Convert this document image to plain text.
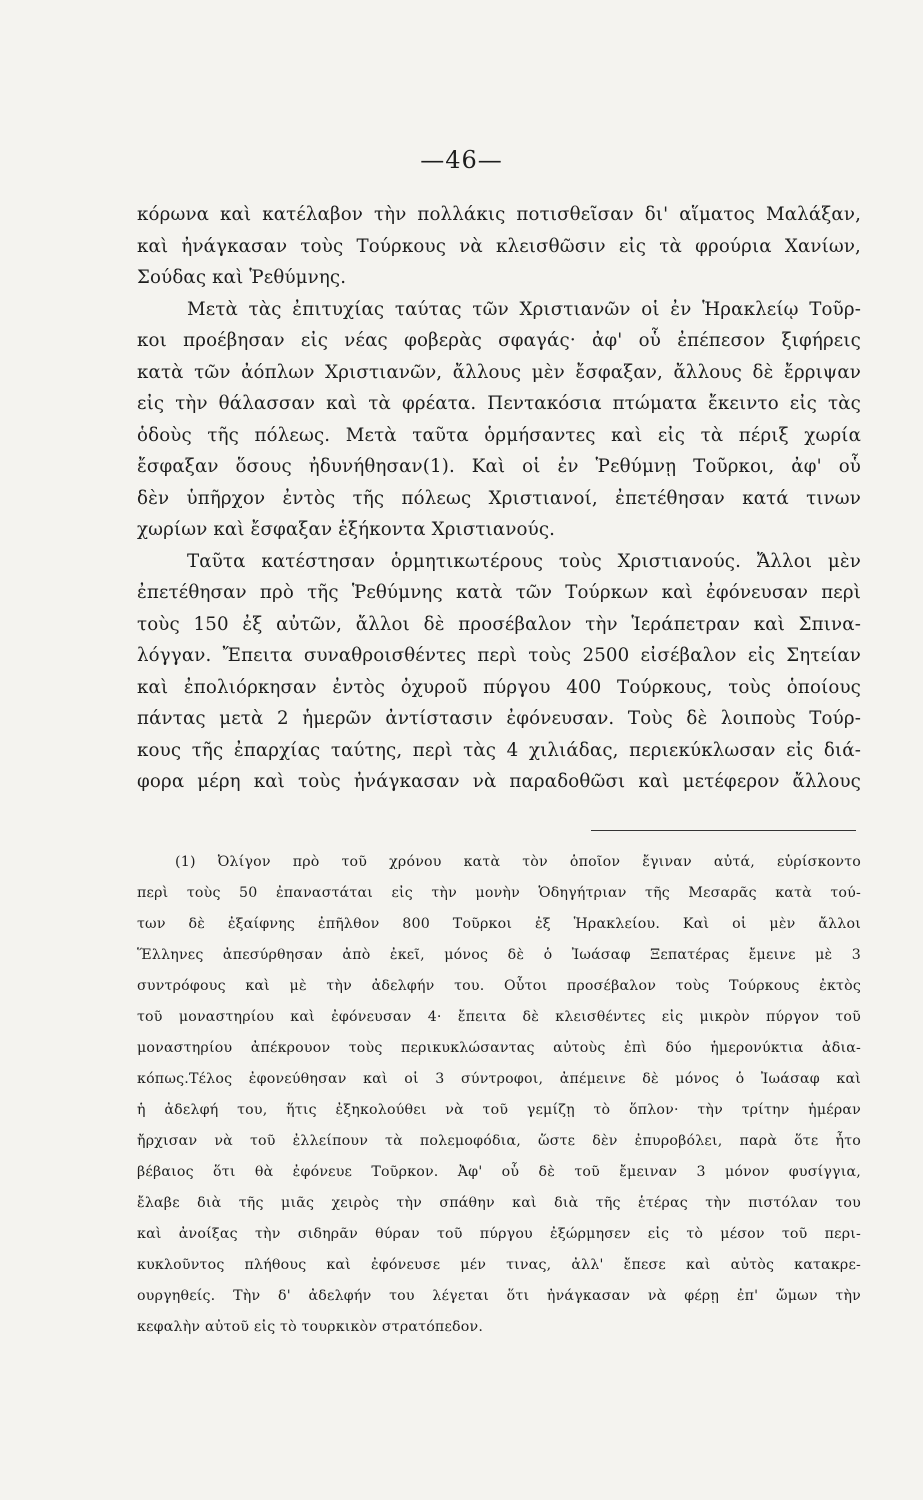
—46—
κόρωνα καὶ κατέλαβον τὴν πολλάκις ποτισθεῖσαν δι' αἵματος Μαλάξαν,
καὶ ἠνάγκασαν τοὺς Τούρκους νὰ κλεισθῶσιν εἰς τὰ φρούρια Χανίων,
Σούδας καὶ Ῥεθύμνης.
Μετὰ τὰς ἐπιτυχίας ταύτας τῶν Χριστιανῶν οἱ ἐν Ἡρακλείῳ Τοῦρ-
κοι προέβησαν εἰς νέας φοβερὰς σφαγάς· ἀφ' οὗ ἐπέπεσον ξιφήρεις
κατὰ τῶν ἀόπλων Χριστιανῶν, ἄλλους μὲν ἔσφαξαν, ἄλλους δὲ ἔρριψαν
εἰς τὴν θάλασσαν καὶ τὰ φρέατα. Πεντακόσια πτώματα ἔκειντο εἰς τὰς
ὁδοὺς τῆς πόλεως. Μετὰ ταῦτα ὁρμήσαντες καὶ εἰς τὰ πέριξ χωρία
ἔσφαξαν ὅσους ἠδυνήθησαν(1). Καὶ οἱ ἐν Ῥεθύμνῃ Τοῦρκοι, ἀφ' οὗ
δὲν ὑπῆρχον ἐντὸς τῆς πόλεως Χριστιανοί, ἐπετέθησαν κατά τινων
χωρίων καὶ ἔσφαξαν ἑξήκοντα Χριστιανούς.
Ταῦτα κατέστησαν ὁρμητικωτέρους τοὺς Χριστιανούς. Ἄλλοι μὲν
ἐπετέθησαν πρὸ τῆς Ῥεθύμνης κατὰ τῶν Τούρκων καὶ ἐφόνευσαν περὶ
τοὺς 150 ἐξ αὐτῶν, ἄλλοι δὲ προσέβαλον τὴν Ἱεράπετραν καὶ Σπινα-
λόγγαν. Ἔπειτα συναθροισθέντες περὶ τοὺς 2500 εἰσέβαλον εἰς Σητείαν
καὶ ἐπολιόρκησαν ἐντὸς ὀχυροῦ πύργου 400 Τούρκους, τοὺς ὁποίους
πάντας μετὰ 2 ἡμερῶν ἀντίστασιν ἐφόνευσαν. Τοὺς δὲ λοιποὺς Τούρ-
κους τῆς ἐπαρχίας ταύτης, περὶ τὰς 4 χιλιάδας, περιεκύκλωσαν εἰς διά-
φορα μέρη καὶ τοὺς ἠνάγκασαν νὰ παραδοθῶσι καὶ μετέφερον ἄλλους
(1) Ὀλίγον πρὸ τοῦ χρόνου κατὰ τὸν ὁποῖον ἔγιναν αὐτά, εὑρίσκοντο
περὶ τοὺς 50 ἐπαναστάται εἰς τὴν μονὴν Ὁδηγήτριαν τῆς Μεσαρᾶς κατὰ τού-
των δὲ ἐξαίφνης ἐπῆλθον 800 Τοῦρκοι ἐξ Ἡρακλείου. Καὶ οἱ μὲν ἄλλοι
Ἕλληνες ἀπεσύρθησαν ἀπὸ ἐκεῖ, μόνος δὲ ὁ Ἰωάσαφ Ξεπατέρας ἔμεινε μὲ 3
συντρόφους καὶ μὲ τὴν ἀδελφήν του. Οὗτοι προσέβαλον τοὺς Τούρκους ἐκτὸς
τοῦ μοναστηρίου καὶ ἐφόνευσαν 4· ἔπειτα δὲ κλεισθέντες εἰς μικρὸν πύργον τοῦ
μοναστηρίου ἀπέκρουον τοὺς περικυκλώσαντας αὐτοὺς ἐπὶ δύο ἡμερονύκτια ἀδια-
κόπως.Τέλος ἐφονεύθησαν καὶ οἱ 3 σύντροφοι, ἀπέμεινε δὲ μόνος ὁ Ἰωάσαφ καὶ
ἡ ἀδελφή του, ἥτις ἐξηκολούθει νὰ τοῦ γεμίζῃ τὸ ὅπλον· τὴν τρίτην ἡμέραν
ἤρχισαν νὰ τοῦ ἐλλείπουν τὰ πολεμοφόδια, ὥστε δὲν ἐπυροβόλει, παρὰ ὅτε ἦτο
βέβαιος ὅτι θὰ ἐφόνευε Τοῦρκον. Ἀφ' οὗ δὲ τοῦ ἔμειναν 3 μόνον φυσίγγια,
ἔλαβε διὰ τῆς μιᾶς χειρὸς τὴν σπάθην καὶ διὰ τῆς ἑτέρας τὴν πιστόλαν του
καὶ ἀνοίξας τὴν σιδηρᾶν θύραν τοῦ πύργου ἐξώρμησεν εἰς τὸ μέσον τοῦ περι-
κυκλοῦντος πλήθους καὶ ἐφόνευσε μέν τινας, ἀλλ' ἔπεσε καὶ αὐτὸς κατακρε-
ουργηθείς. Τὴν δ' ἀδελφήν του λέγεται ὅτι ἠνάγκασαν νὰ φέρῃ ἐπ' ὤμων τὴν
κεφαλὴν αὐτοῦ εἰς τὸ τουρκικὸν στρατόπεδον.
